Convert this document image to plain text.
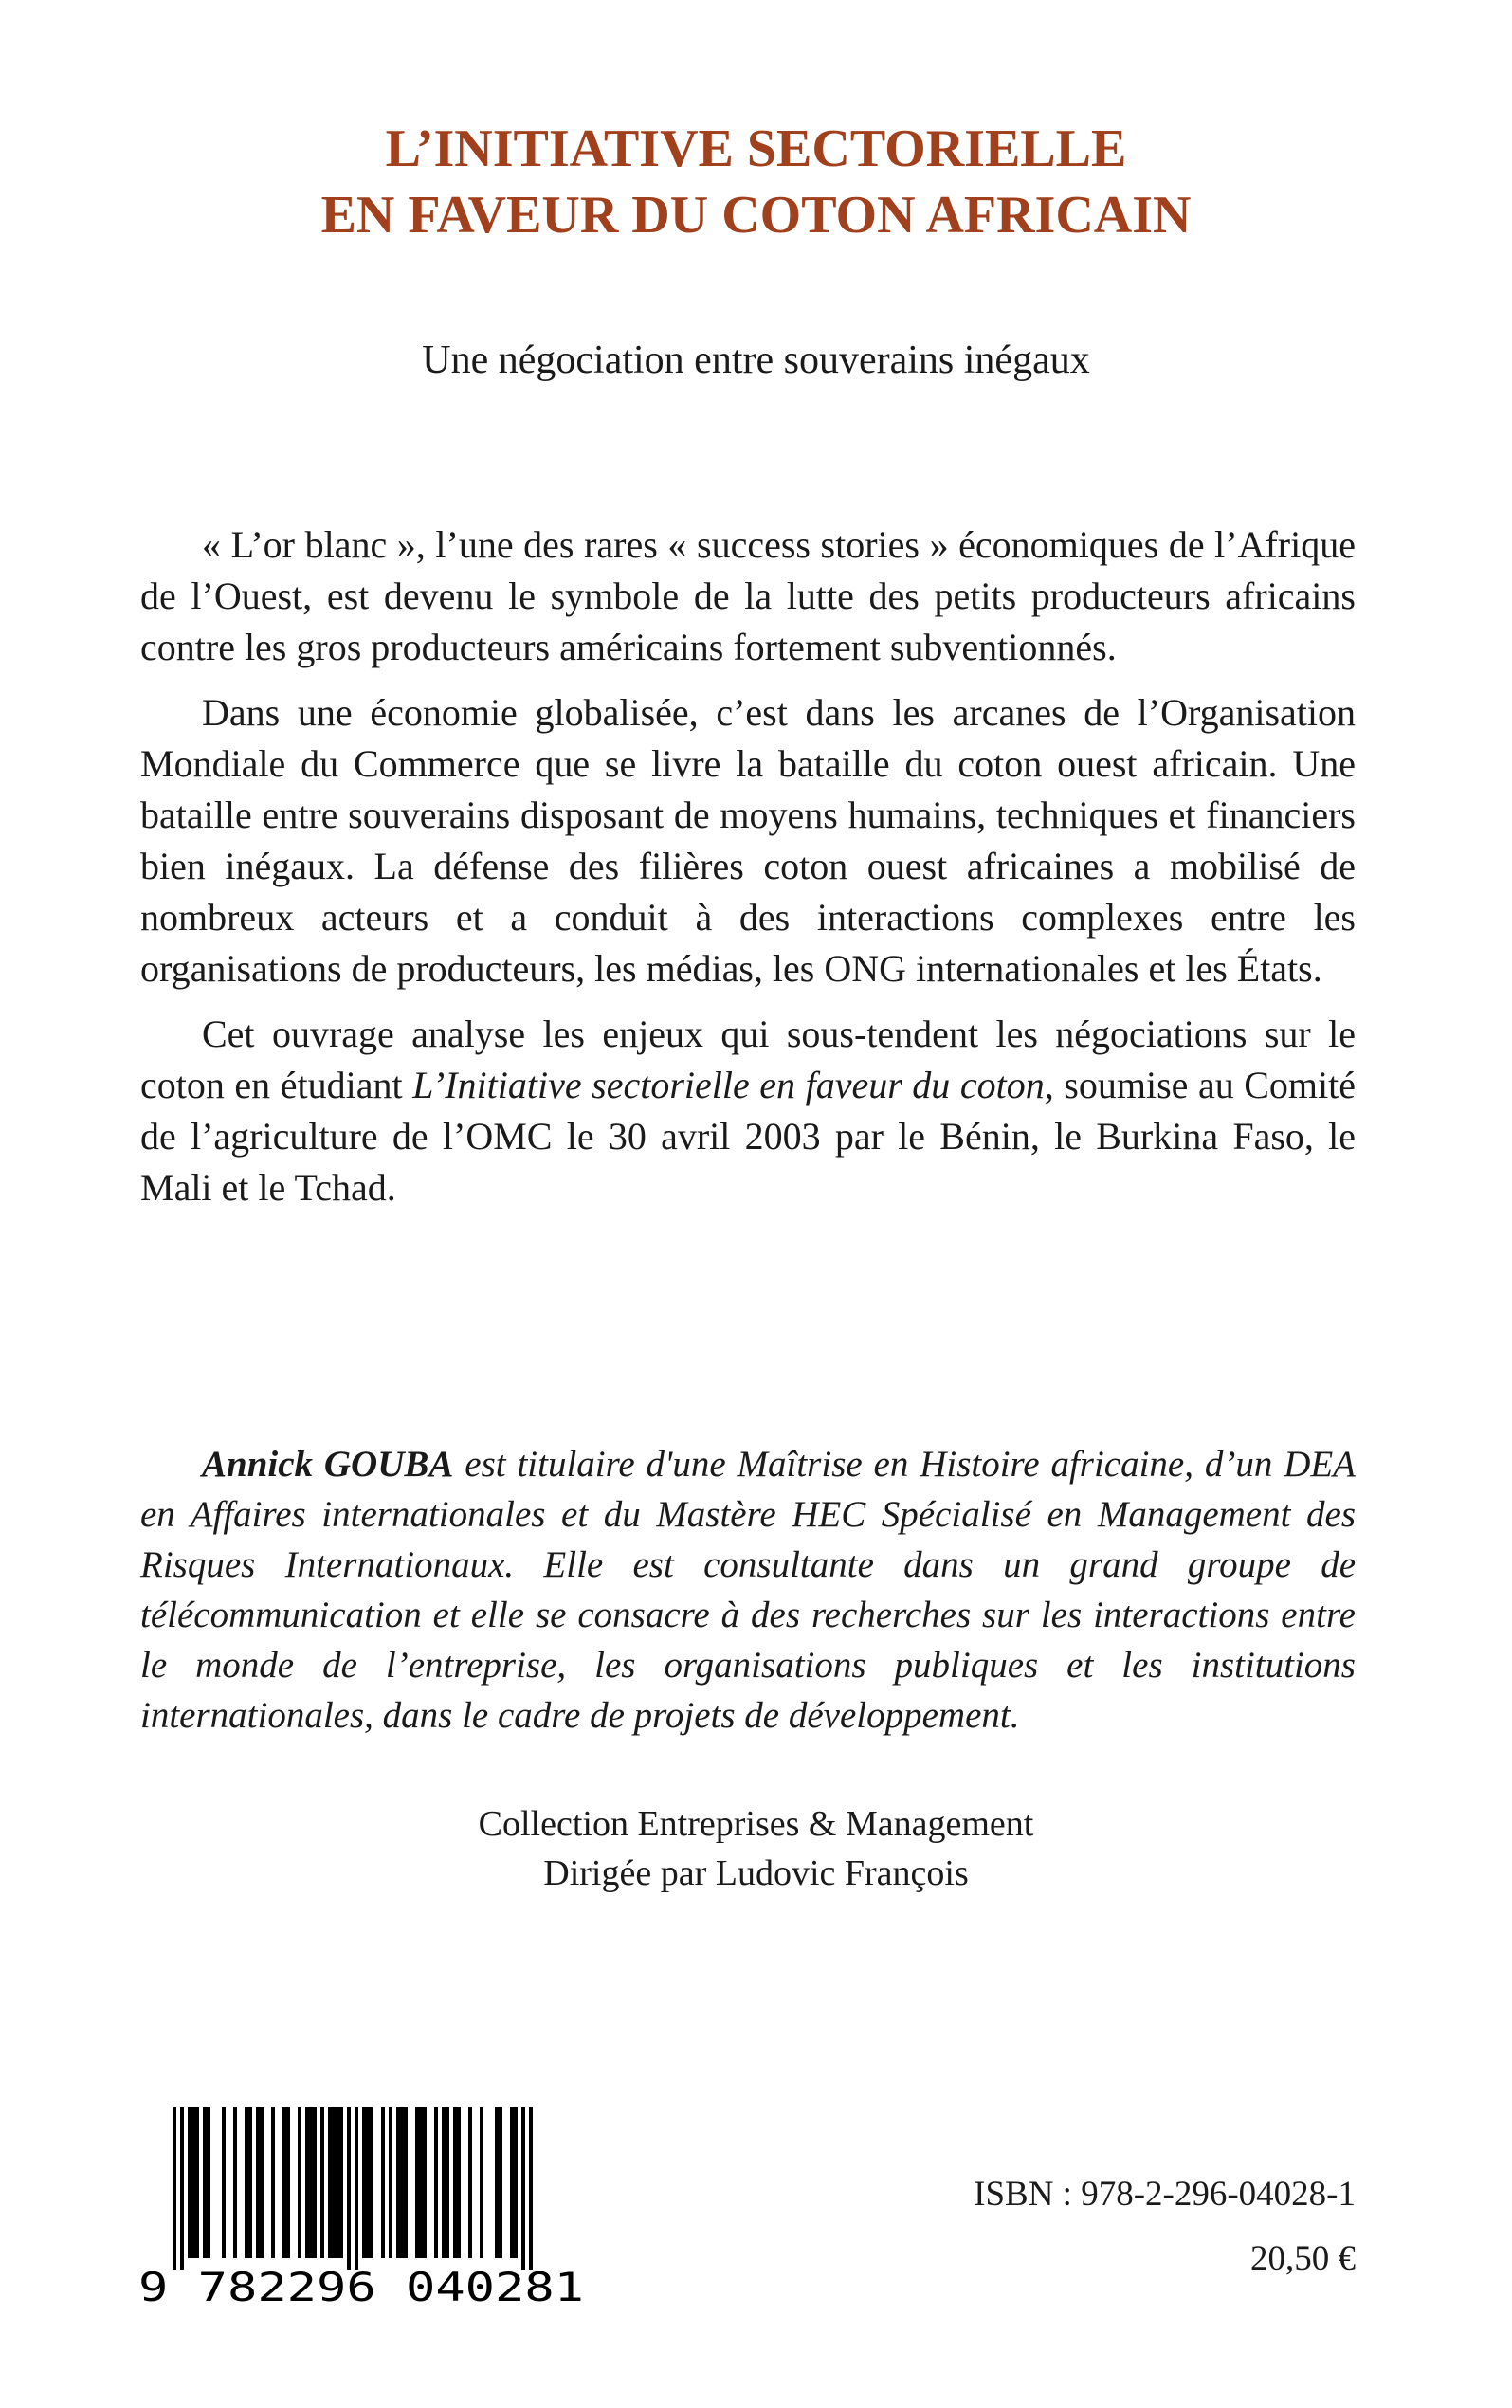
L’INITIATIVE SECTORIELLE
EN FAVEUR DU COTON AFRICAIN
Une négociation entre souverains inégaux

« L’or blanc », l’une des rares « success stories » économiques de l’Afrique de l’Ouest, est devenu le symbole de la lutte des petits producteurs africains contre les gros producteurs américains fortement subventionnés.

Dans une économie globalisée, c’est dans les arcanes de l’Organisation Mondiale du Commerce que se livre la bataille du coton ouest africain. Une bataille entre souverains disposant de moyens humains, techniques et financiers bien inégaux. La défense des filières coton ouest africaines a mobilisé de nombreux acteurs et a conduit à des interactions complexes entre les organisations de producteurs, les médias, les ONG internationales et les États.

Cet ouvrage analyse les enjeux qui sous-tendent les négociations sur le coton en étudiant L’Initiative sectorielle en faveur du coton, soumise au Comité de l’agriculture de l’OMC le 30 avril 2003 par le Bénin, le Burkina Faso, le Mali et le Tchad.

Annick GOUBA est titulaire d'une Maîtrise en Histoire africaine, d’un DEA en Affaires internationales et du Mastère HEC Spécialisé en Management des Risques Internationaux. Elle est consultante dans un grand groupe de télécommunication et elle se consacre à des recherches sur les interactions entre le monde de l’entreprise, les organisations publiques et les institutions internationales, dans le cadre de projets de développement.

Collection Entreprises & Management
Dirigée par Ludovic François
9 782296 040281
ISBN : 978-2-296-04028-1
20,50 €
